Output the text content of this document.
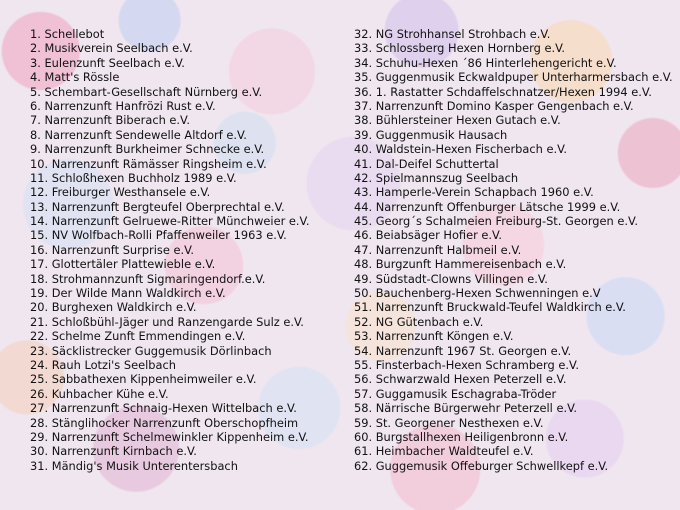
1. Schellebot
2. Musikverein Seelbach e.V.
3. Eulenzunft Seelbach e.V.
4. Matt's Rössle
5. Schembart-Gesellschaft Nürnberg e.V.
6. Narrenzunft Hanfrözi Rust e.V.
7. Narrenzunft Biberach e.V.
8. Narrenzunft Sendewelle Altdorf e.V.
9. Narrenzunft Burkheimer Schnecke e.V.
10. Narrenzunft Rämässer Ringsheim e.V.
11. Schloßhexen Buchholz 1989 e.V.
12. Freiburger Westhansele e.V.
13. Narrenzunft Bergteufel Oberprechtal e.V.
14. Narrenzunft Gelruewe-Ritter Münchweier e.V.
15. NV Wolfbach-Rolli Pfaffenweiler 1963 e.V.
16. Narrenzunft Surprise e.V.
17. Glottertäler Plattewieble e.V.
18. Strohmannzunft Sigmaringendorf.e.V.
19. Der Wilde Mann Waldkirch e.V.
20. Burghexen Waldkirch e.V.
21. Schloßbühl-Jäger und Ranzengarde Sulz e.V.
22. Schelme Zunft Emmendingen e.V.
23. Säcklistrecker Guggemusik Dörlinbach
24. Rauh Lotzi's Seelbach
25. Sabbathexen Kippenheimweiler e.V.
26. Kuhbacher Kühe e.V.
27. Narrenzunft Schnaig-Hexen Wittelbach e.V.
28. Stänglihocker Narrenzunft Oberschopfheim
29. Narrenzunft Schelmewinkler Kippenheim e.V.
30. Narrenzunft Kirnbach e.V.
31. Mändig's Musik Unterentersbach
32. NG Strohhansel Strohbach e.V.
33. Schlossberg Hexen Hornberg e.V.
34. Schuhu-Hexen ´86 Hinterlehengericht e.V.
35. Guggenmusik Eckwaldpuper Unterharmersbach e.V.
36. 1. Rastatter Schdaffelschnatzer/Hexen 1994 e.V.
37. Narrenzunft Domino Kasper Gengenbach e.V.
38. Bühlersteiner Hexen Gutach e.V.
39. Guggenmusik Hausach
40. Waldstein-Hexen Fischerbach e.V.
41. Dal-Deifel Schuttertal
42. Spielmannszug Seelbach
43. Hamperle-Verein Schapbach 1960 e.V.
44. Narrenzunft Offenburger Lätsche 1999 e.V.
45. Georg´s Schalmeien Freiburg-St. Georgen e.V.
46. Beiabsäger Hofier e.V.
47. Narrenzunft Halbmeil e.V.
48. Burgzunft Hammereisenbach e.V.
49. Südstadt-Clowns Villingen e.V.
50. Bauchenberg-Hexen Schwenningen e.V
51. Narrenzunft Bruckwald-Teufel Waldkirch e.V.
52. NG Gütenbach e.V.
53. Narrenzunft Köngen e.V.
54. Narrenzunft 1967 St. Georgen e.V.
55. Finsterbach-Hexen Schramberg e.V.
56. Schwarzwald Hexen Peterzell e.V.
57. Guggamusik Eschagraba-Tröder
58. Närrische Bürgerwehr Peterzell e.V.
59. St. Georgener Nesthexen e.V.
60. Burgstallhexen Heiligenbronn e.V.
61. Heimbacher Waldteufel e.V.
62. Guggemusik Offeburger Schwellkepf e.V.
